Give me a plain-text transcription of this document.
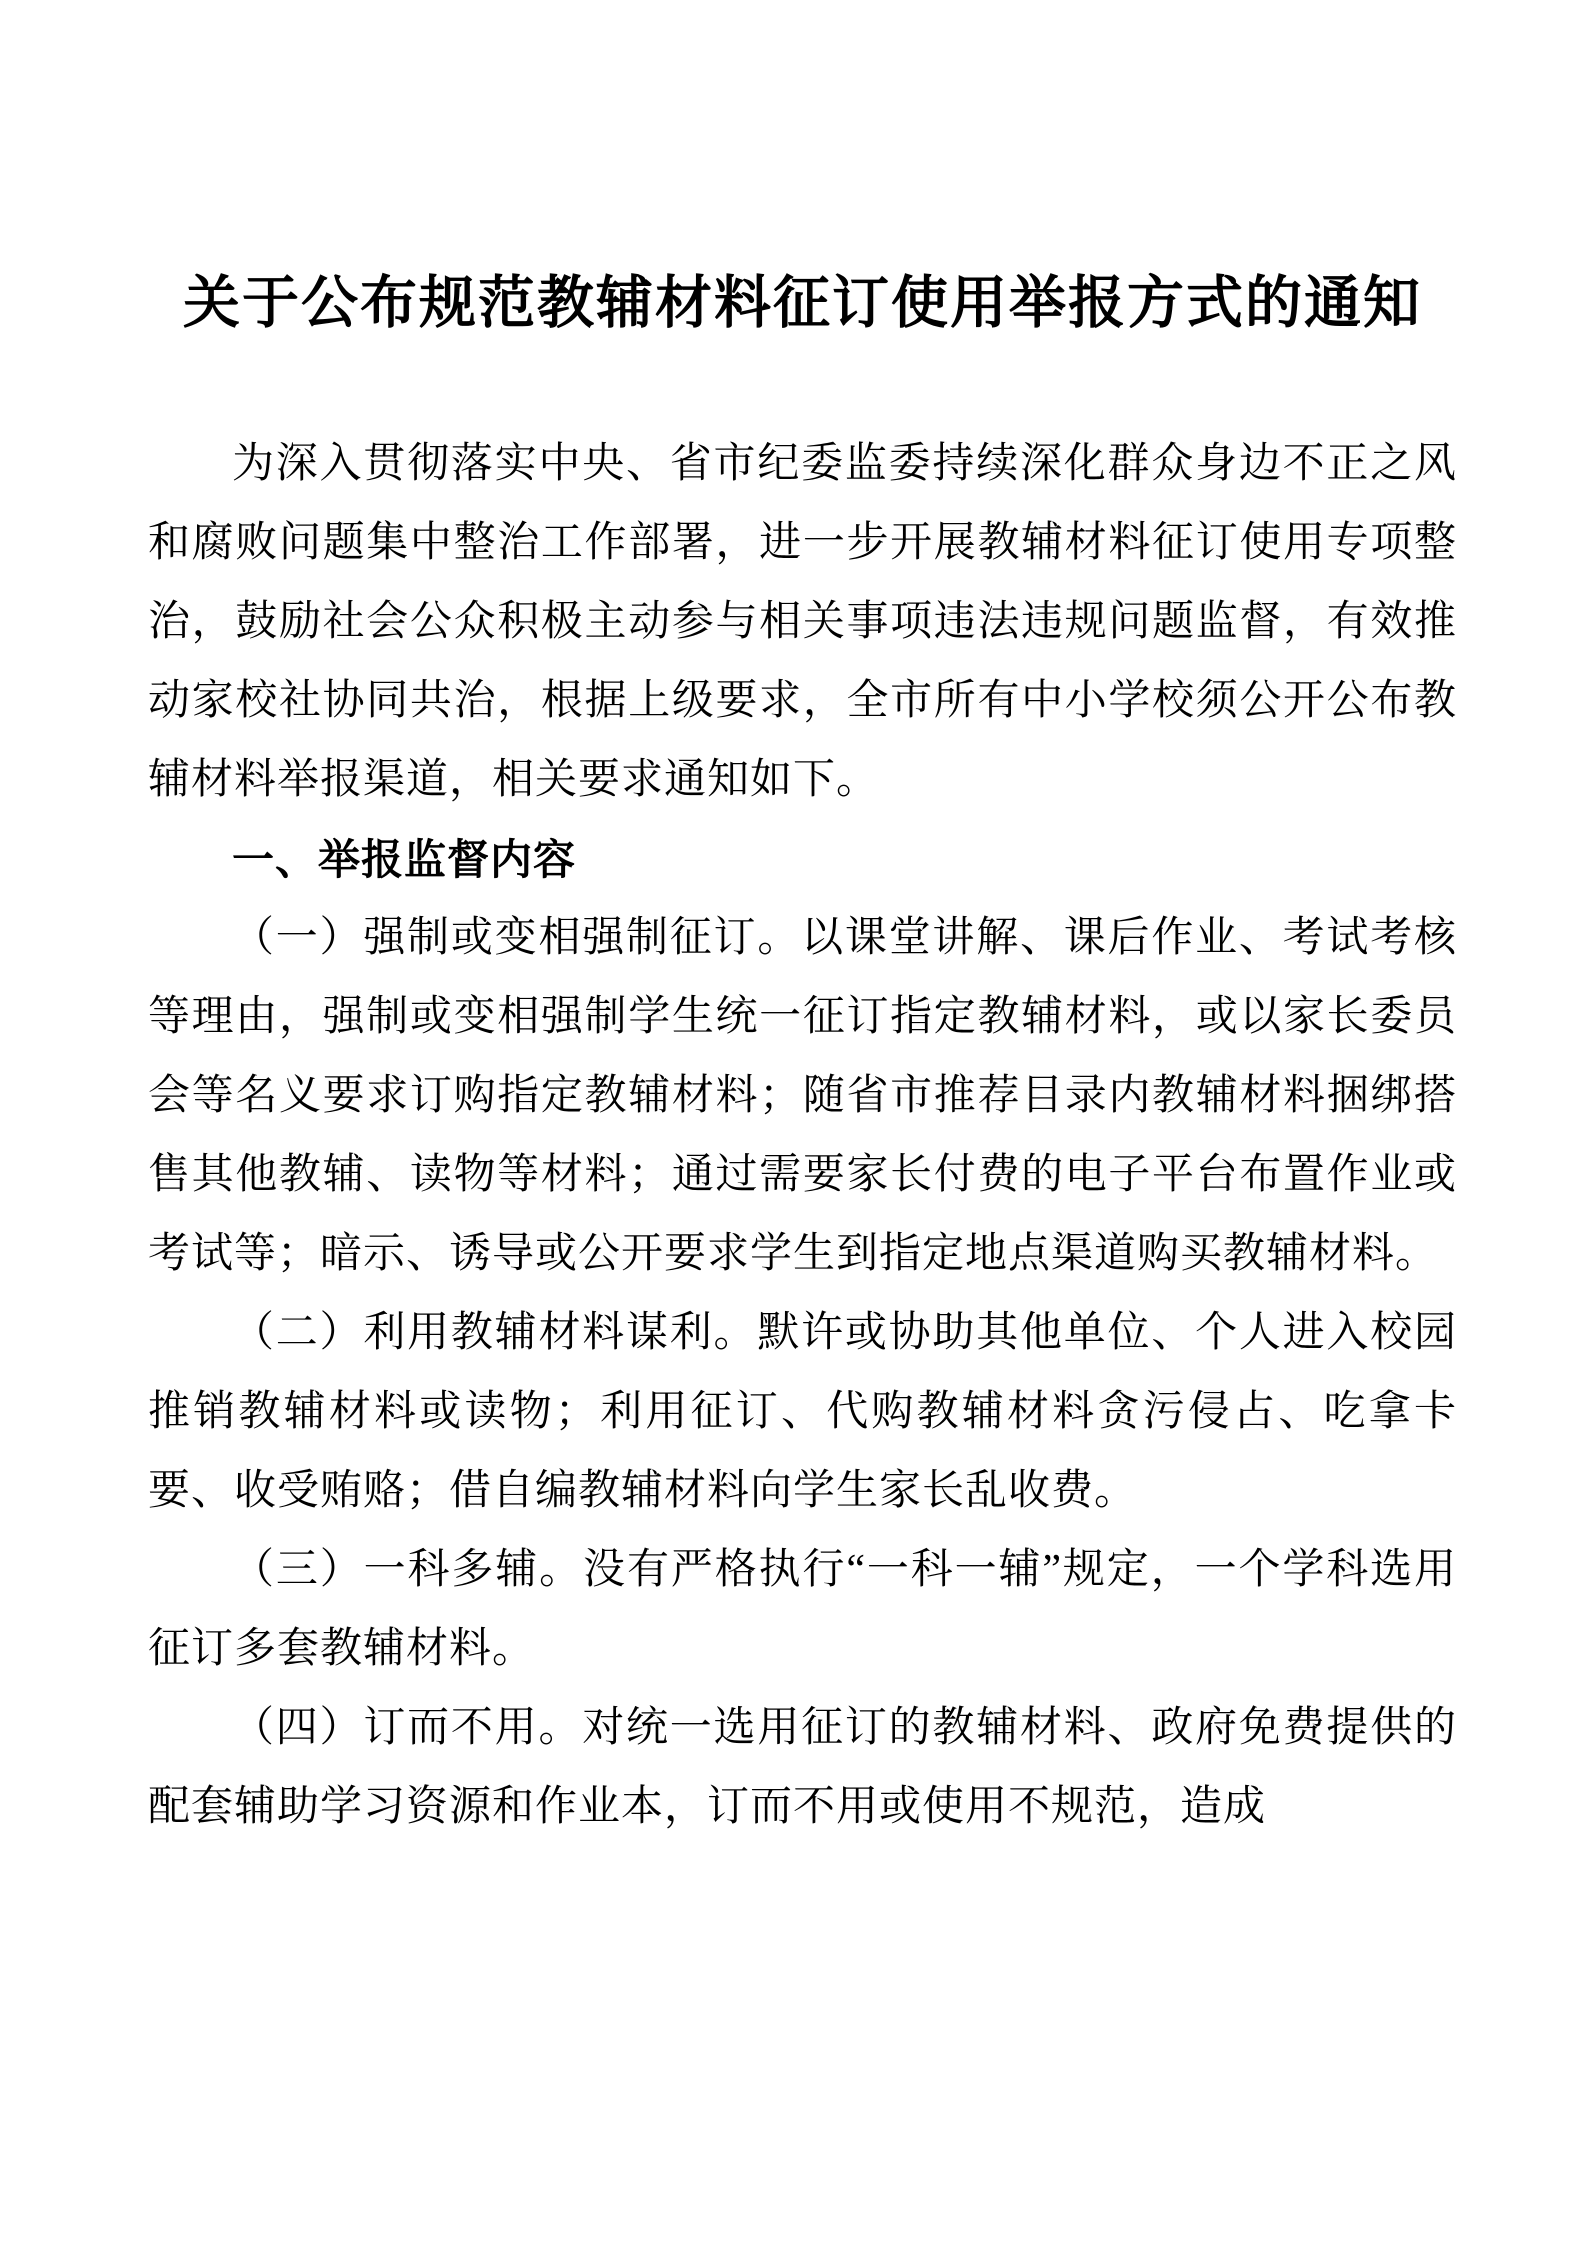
关于公布规范教辅材料征订使用举报方式的通知

为深入贯彻落实中央、省市纪委监委持续深化群众身边不正之风和腐败问题集中整治工作部署，进一步开展教辅材料征订使用专项整治，鼓励社会公众积极主动参与相关事项违法违规问题监督，有效推动家校社协同共治，根据上级要求，全市所有中小学校须公开公布教辅材料举报渠道，相关要求通知如下。

一、举报监督内容

（一）强制或变相强制征订。以课堂讲解、课后作业、考试考核等理由，强制或变相强制学生统一征订指定教辅材料，或以家长委员会等名义要求订购指定教辅材料；随省市推荐目录内教辅材料捆绑搭售其他教辅、读物等材料；通过需要家长付费的电子平台布置作业或考试等；暗示、诱导或公开要求学生到指定地点渠道购买教辅材料。

（二）利用教辅材料谋利。默许或协助其他单位、个人进入校园推销教辅材料或读物；利用征订、代购教辅材料贪污侵占、吃拿卡要、收受贿赂；借自编教辅材料向学生家长乱收费。

（三）一科多辅。没有严格执行“一科一辅”规定，一个学科选用征订多套教辅材料。

（四）订而不用。对统一选用征订的教辅材料、政府免费提供的配套辅助学习资源和作业本，订而不用或使用不规范，造成
